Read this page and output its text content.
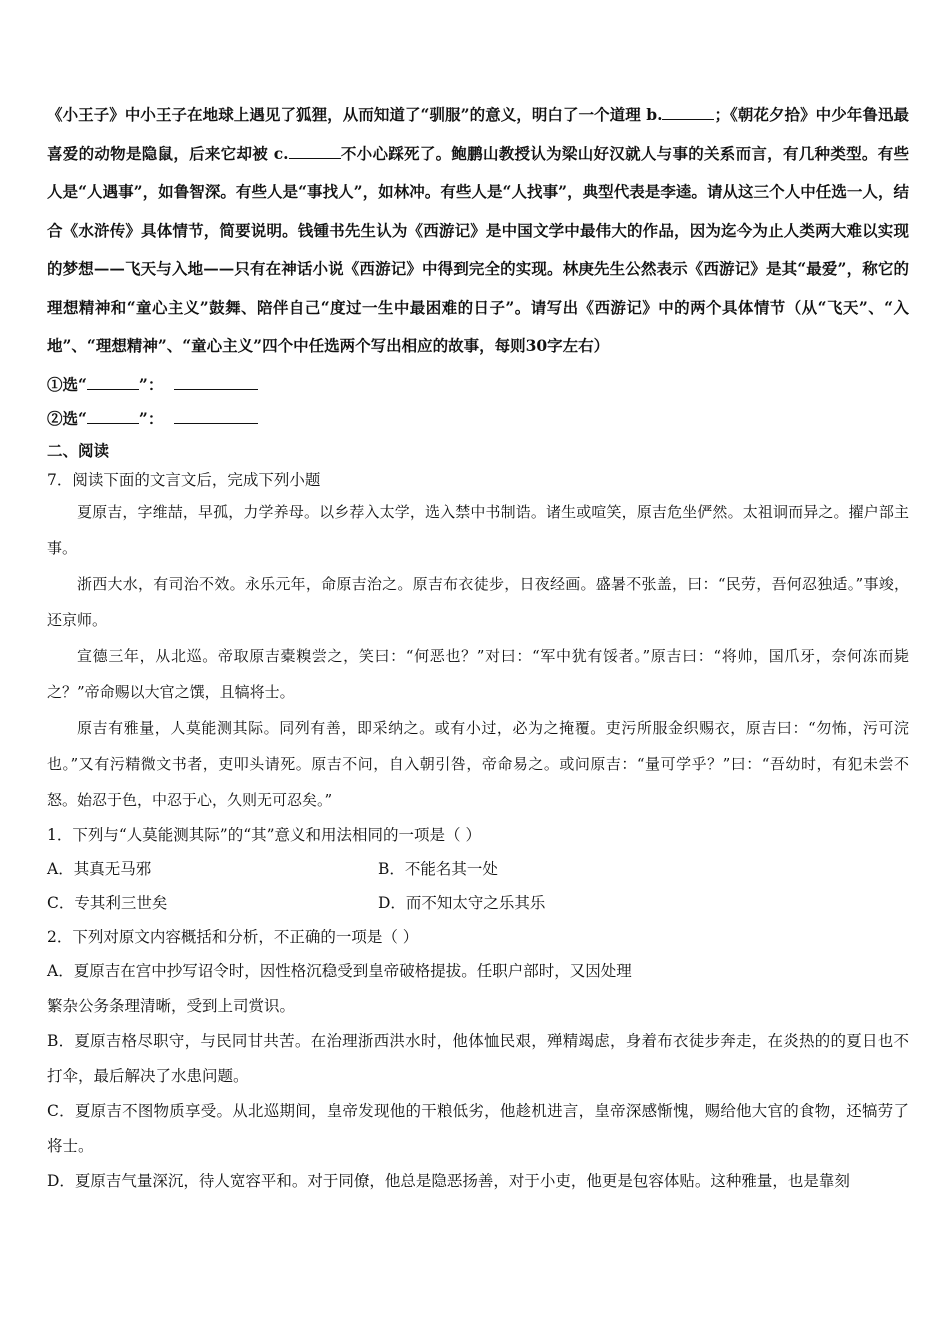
《小王子》中小王子在地球上遇见了狐狸，从而知道了“驯服”的意义，明白了一个道理 b.	；《朝花夕拾》中少年鲁迅最喜爱的动物是隐鼠，后来它却被 c.	不小心踩死了。鲍鹏山教授认为梁山好汉就人与事的关系而言，有几种类型。有些人是“人遇事”，如鲁智深。有些人是“事找人”，如林冲。有些人是“人找事”，典型代表是李逵。请从这三个人中任选一人，结合《水浒传》具体情节，简要说明。钱锺书先生认为《西游记》是中国文学中最伟大的作品，因为迄今为止人类两大难以实现的梦想——飞天与入地——只有在神话小说《西游记》中得到完全的实现。林庚先生公然表示《西游记》是其“最爱”，称它的理想精神和“童心主义”鼓舞、陪伴自己“度过一生中最困难的日子”。请写出《西游记》中的两个具体情节（从“飞天”、“入地”、“理想精神”、“童心主义”四个中任选两个写出相应的故事，每则30字左右）

①选“	”：

②选“	”：

二、阅读

7．阅读下面的文言文后，完成下列小题

夏原吉，字维喆，早孤，力学养母。以乡荐入太学，选入禁中书制诰。诸生或喧笑，原吉危坐俨然。太祖诇而异之。擢户部主事。

浙西大水，有司治不效。永乐元年，命原吉治之。原吉布衣徒步，日夜经画。盛暑不张盖，曰：“民劳，吾何忍独适。”事竣，还京师。

宣德三年，从北巡。帝取原吉橐糗尝之，笑曰：“何恶也？”对曰：“军中犹有馁者。”原吉曰：“将帅，国爪牙，奈何冻而毙之？”帝命赐以大官之馔，且犒将士。

原吉有雅量，人莫能测其际。同列有善，即采纳之。或有小过，必为之掩覆。吏污所服金织赐衣，原吉曰：“勿怖，污可浣也。”又有污精微文书者，吏叩头请死。原吉不问，自入朝引咎，帝命易之。或问原吉：“量可学乎？”曰：“吾幼时，有犯未尝不怒。始忍于色，中忍于心，久则无可忍矣。”

1．下列与“人莫能测其际”的“其”意义和用法相同的一项是（ ）

A．其真无马邪	B．不能名其一处
C．专其利三世矣	D．而不知太守之乐其乐

2．下列对原文内容概括和分析，不正确的一项是（ ）

A．夏原吉在宫中抄写诏令时，因性格沉稳受到皇帝破格提拔。任职户部时，又因处理

繁杂公务条理清晰，受到上司赏识。

B．夏原吉格尽职守，与民同甘共苦。在治理浙西洪水时，他体恤民艰，殚精竭虑，身着布衣徒步奔走，在炎热的的夏日也不打伞，最后解决了水患问题。

C．夏原吉不图物质享受。从北巡期间，皇帝发现他的干粮低劣，他趁机进言，皇帝深感惭愧，赐给他大官的食物，还犒劳了将士。

D．夏原吉气量深沉，待人宽容平和。对于同僚，他总是隐恶扬善，对于小吏，他更是包容体贴。这种雅量，也是靠刻
